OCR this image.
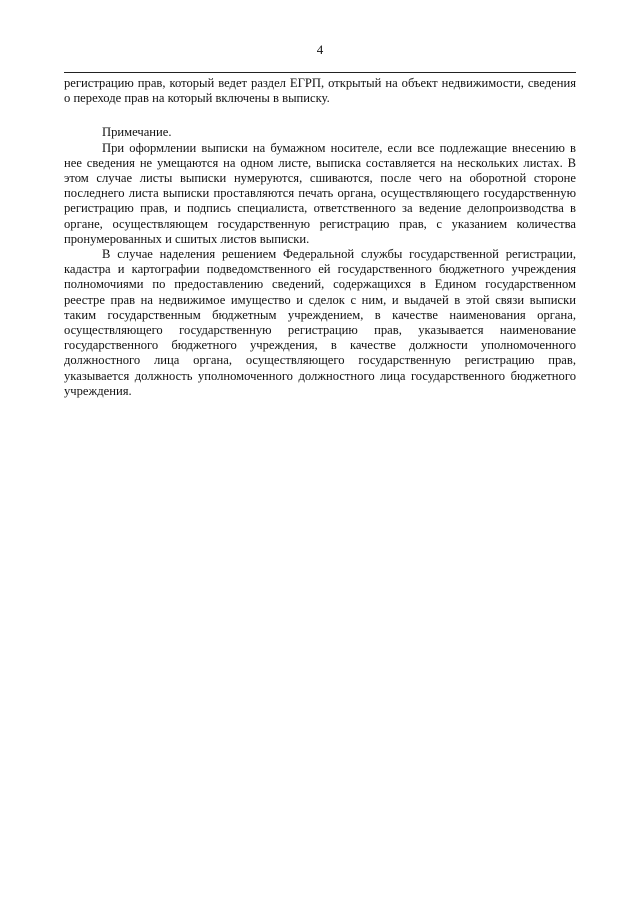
4

регистрацию прав, который ведет раздел ЕГРП, открытый на объект недвижимости, сведения о переходе прав на который включены в выписку.

Примечание.

При оформлении выписки на бумажном носителе, если все подлежащие внесению в нее сведения не умещаются на одном листе, выписка составляется на нескольких листах. В этом случае листы выписки нумеруются, сшиваются, после чего на оборотной стороне последнего листа выписки проставляются печать органа, осуществляющего государственную регистрацию прав, и подпись специалиста, ответственного за ведение делопроизводства в органе, осуществляющем государственную регистрацию прав, с указанием количества пронумерованных и сшитых листов выписки.

В случае наделения решением Федеральной службы государственной регистрации, кадастра и картографии подведомственного ей государственного бюджетного учреждения полномочиями по предоставлению сведений, содержащихся в Едином государственном реестре прав на недвижимое имущество и сделок с ним, и выдачей в этой связи выписки таким государственным бюджетным учреждением, в качестве наименования органа, осуществляющего государственную регистрацию прав, указывается наименование государственного бюджетного учреждения, в качестве должности уполномоченного должностного лица органа, осуществляющего государственную регистрацию прав, указывается должность уполномоченного должностного лица государственного бюджетного учреждения.
